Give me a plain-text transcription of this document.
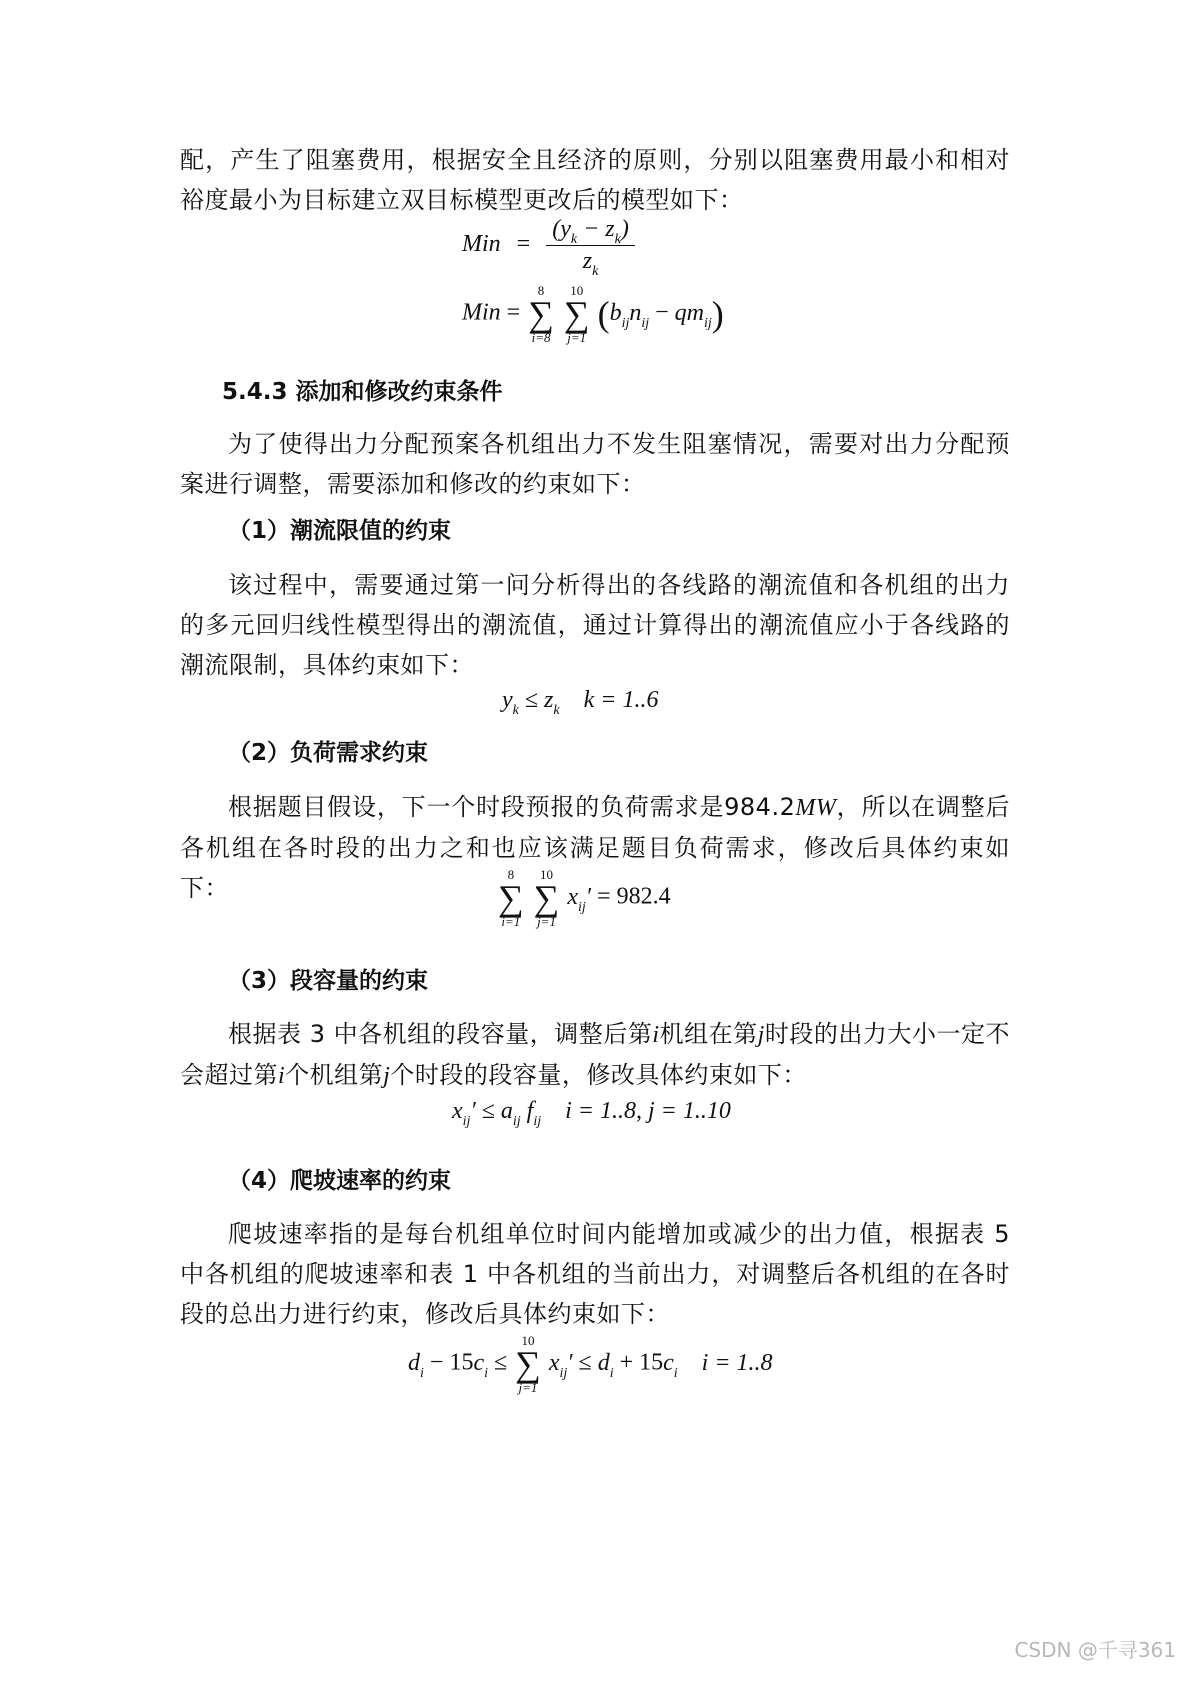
配，产生了阻塞费用，根据安全且经济的原则，分别以阻塞费用最小和相对裕度最小为目标建立双目标模型更改后的模型如下：

Min = $\frac{(y_k - z_k)}{z_k}$
Min =
8
∑
i=8

10
∑
j=1
$(b_{ij}n_{ij} - qm_{ij})$
5.4.3 添加和修改约束条件

为了使得出力分配预案各机组出力不发生阻塞情况，需要对出力分配预案进行调整，需要添加和修改的约束如下：

（1）潮流限值的约束

该过程中，需要通过第一问分析得出的各线路的潮流值和各机组的出力的多元回归线性模型得出的潮流值，通过计算得出的潮流值应小于各线路的潮流限制，具体约束如下：

$y_k \le z_k$ k = 1..6
（2）负荷需求约束

根据题目假设，下一个时段预报的负荷需求是984.2MW，所以在调整后各机组在各时段的出力之和也应该满足题目负荷需求，修改后具体约束如下：	8
∑
i=1

10
∑
j=1
$x_{ij}' = 982.4$
（3）段容量的约束

根据表 3 中各机组的段容量，调整后第i机组在第j时段的出力大小一定不会超过第i个机组第j个时段的段容量，修改具体约束如下：

$x_{ij}' \le a_{ij}$ $f_{ij}$ i = 1..8, j = 1..10
（4）爬坡速率的约束

爬坡速率指的是每台机组单位时间内能增加或减少的出力值，根据表 5 中各机组的爬坡速率和表 1 中各机组的当前出力，对调整后各机组的在各时段的总出力进行约束，修改后具体约束如下：

$d_i - 15c_i$ ≤
10
∑
j=1
$x_{ij}' \le d_i + 15c_i$ i = 1..8
CSDN @千寻361
